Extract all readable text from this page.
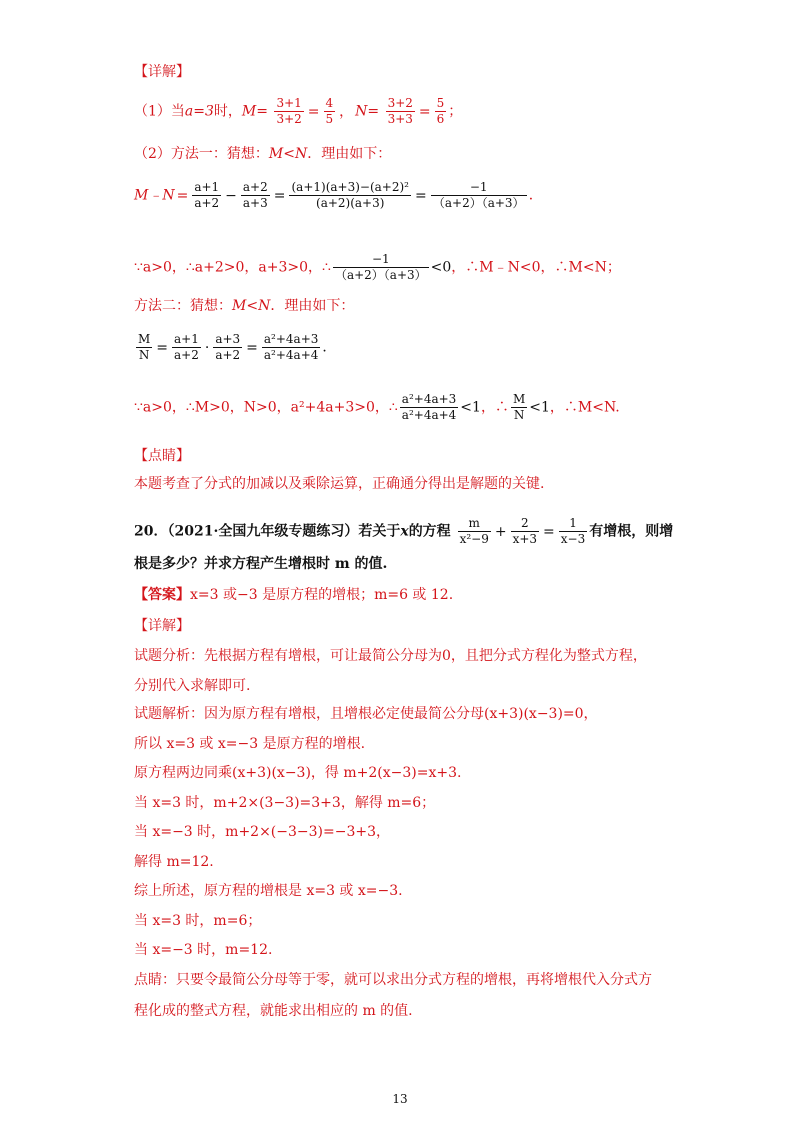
【详解】
（1）当a=3时，$M= \frac{3+1}{3+2} = \frac{4}{5}$ ， $N= \frac{3+2}{3+3} = \frac{5}{6}$ ；
（2）方法一：猜想：M<N．理由如下：
M﹣N = $\frac{a+1}{a+2} - \frac{a+2}{a+3} = \frac{\text{(a+1)(a+3)−(a+2)²}}{(a+2)(a+3)} = \frac{-1}{(a+2)(a+3)}$ ．
∵a>0，∴a+2>0，a+3>0，∴ $\frac{-1}{(a+2)(a+3)} <0$，∴M﹣N<0，∴M<N；
方法二：猜想：M<N．理由如下：
$\frac{M}{N} = \frac{a+1}{a+2} \cdot \frac{a+3}{a+2} = \frac{\text{a²+4a+3}}{\text{a²+4a+4}}$ ．
∵a>0，∴M>0，N>0，a²+4a+3>0，∴ $\frac{\text{a²+4a+3}}{\text{a²+4a+4}} <1$，∴ $\frac{M}{N} <1$，∴M<N.
【点睛】
本题考查了分式的加减以及乘除运算，正确通分得出是解题的关键.
20．（2021·全国九年级专题练习）若关于x的方程 $\frac{m}{\text{x²−9}} + \frac{2}{x+3} = \frac{1}{x-3}$ 有增根，则增
根是多少？并求方程产生增根时 m 的值.
【答案】x=3 或−3 是原方程的增根；m=6 或 12.
【详解】
试题分析：先根据方程有增根，可让最简公分母为0，且把分式方程化为整式方程，
分别代入求解即可.
试题解析：因为原方程有增根，且增根必定使最简公分母(x+3)(x−3)=0，
所以 x=3 或 x=−3 是原方程的增根.
原方程两边同乘(x+3)(x−3)，得 m+2(x−3)=x+3.
当 x=3 时，m+2×(3−3)=3+3，解得 m=6；
当 x=−3 时，m+2×(−3−3)=−3+3，
解得 m=12.
综上所述，原方程的增根是 x=3 或 x=−3.
当 x=3 时，m=6；
当 x=−3 时，m=12.
点睛：只要令最简公分母等于零，就可以求出分式方程的增根，再将增根代入分式方
程化成的整式方程，就能求出相应的 m 的值.
13
